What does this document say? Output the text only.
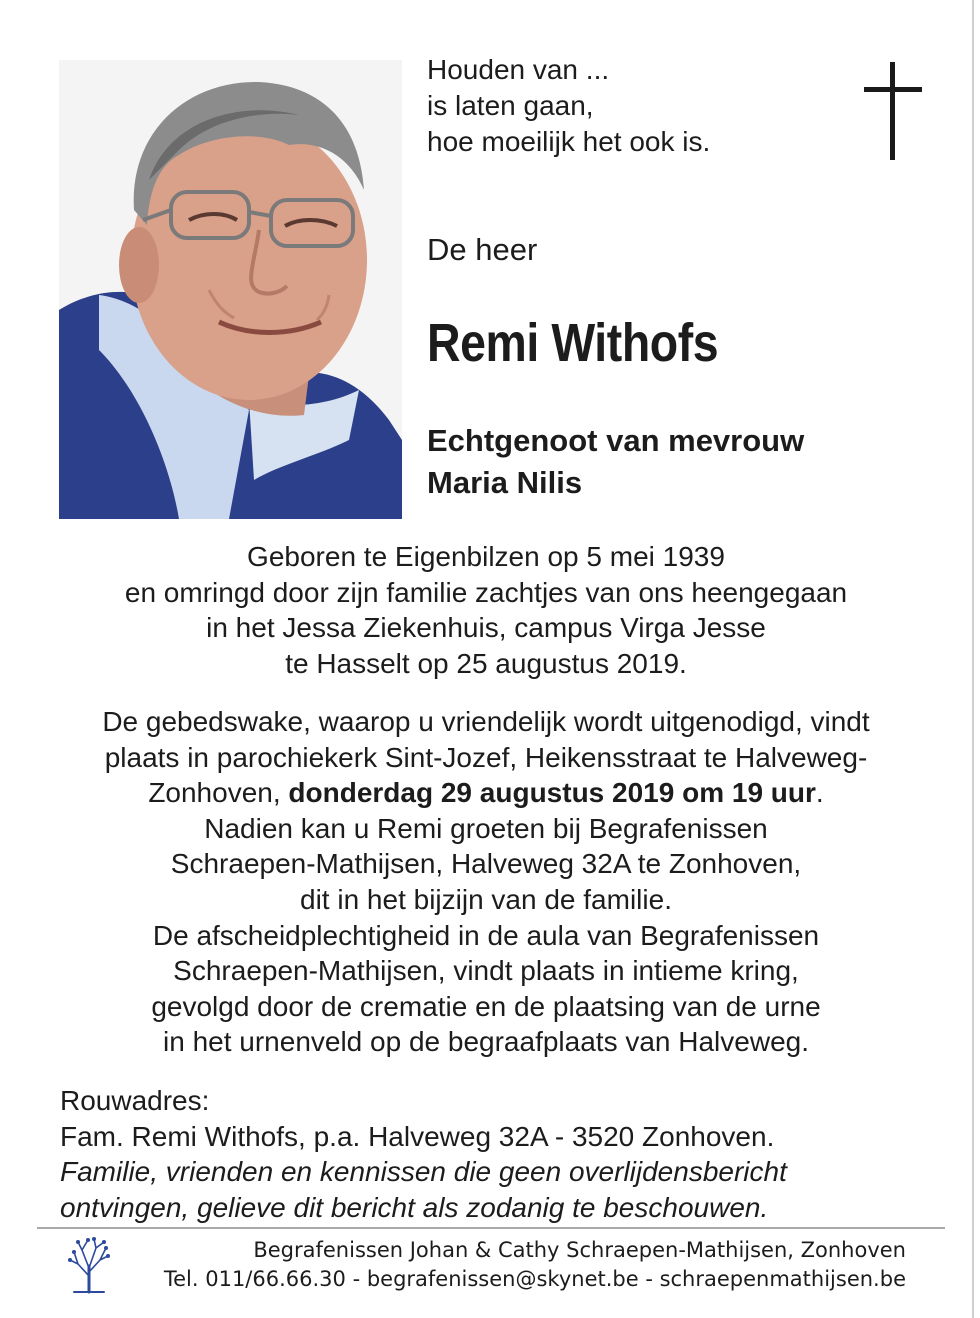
Houden van ...
is laten gaan,
hoe moeilijk het ook is.
De heer
Remi Withofs
Echtgenoot van mevrouw
Maria Nilis
Geboren te Eigenbilzen op 5 mei 1939
en omringd door zijn familie zachtjes van ons heengegaan
in het Jessa Ziekenhuis, campus Virga Jesse
te Hasselt op 25 augustus 2019.
De gebedswake, waarop u vriendelijk wordt uitgenodigd, vindt
plaats in parochiekerk Sint-Jozef, Heikensstraat te Halveweg-
Zonhoven, donderdag 29 augustus 2019 om 19 uur.
Nadien kan u Remi groeten bij Begrafenissen
Schraepen-Mathijsen, Halveweg 32A te Zonhoven,
dit in het bijzijn van de familie.
De afscheidplechtigheid in de aula van Begrafenissen
Schraepen-Mathijsen, vindt plaats in intieme kring,
gevolgd door de crematie en de plaatsing van de urne
in het urnenveld op de begraafplaats van Halveweg.
Rouwadres:
Fam. Remi Withofs, p.a. Halveweg 32A - 3520 Zonhoven.
Familie, vrienden en kennissen die geen overlijdensbericht
ontvingen, gelieve dit bericht als zodanig te beschouwen.
Begrafenissen Johan & Cathy Schraepen-Mathijsen, Zonhoven
Tel. 011/66.66.30 - begrafenissen@skynet.be - schraepenmathijsen.be
